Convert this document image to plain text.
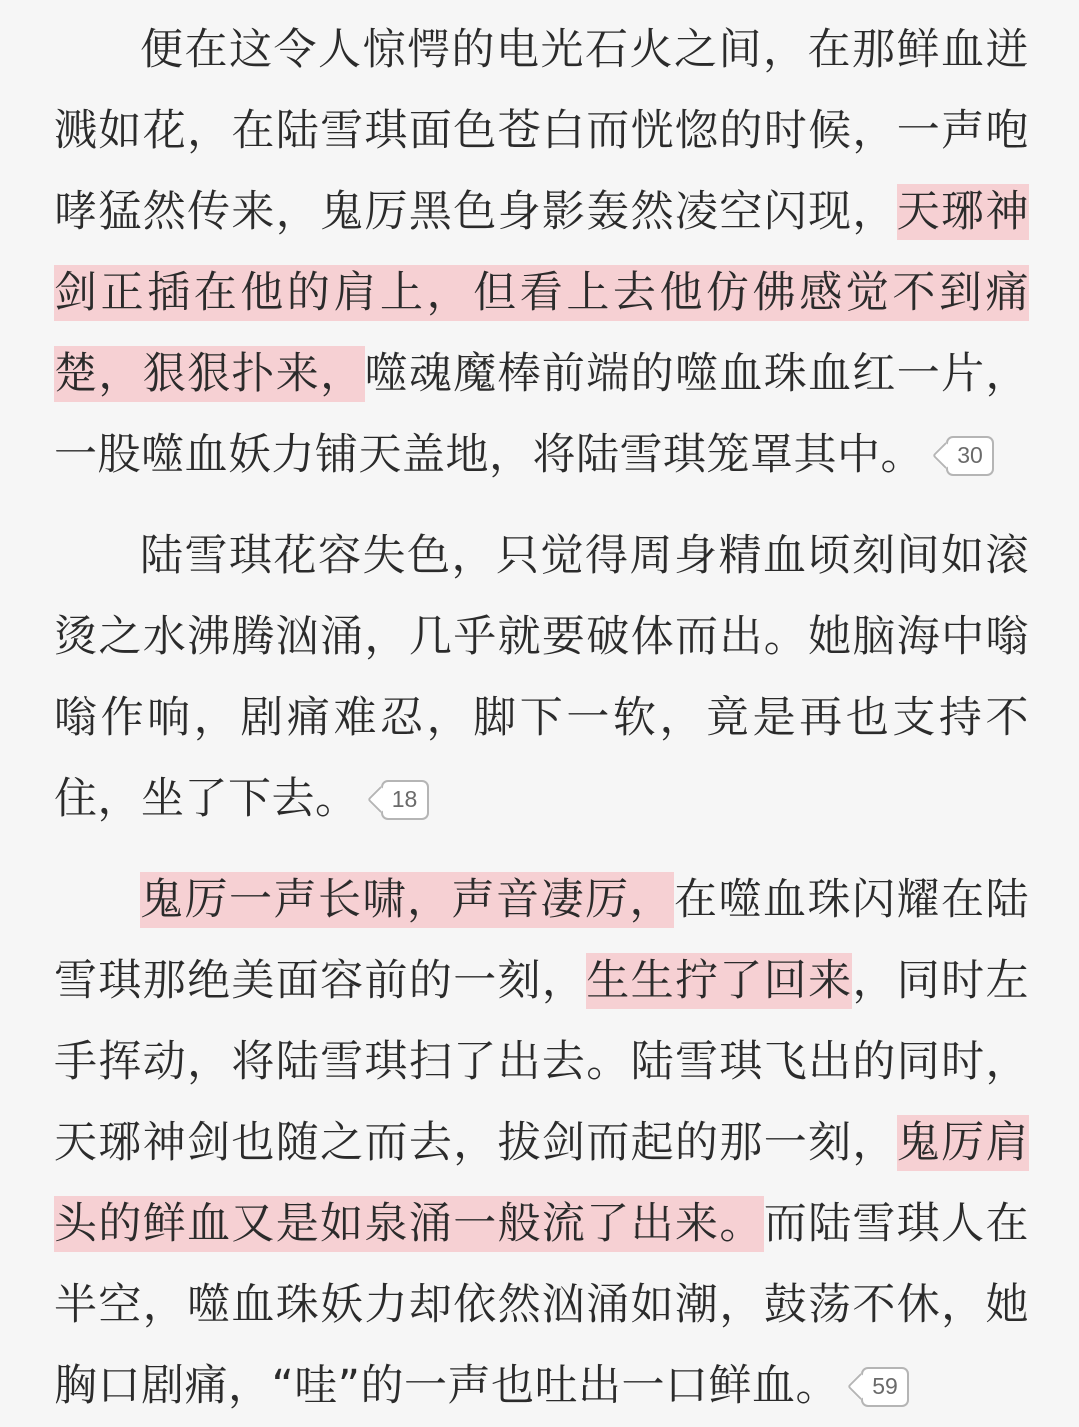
便在这令人惊愕的电光石火之间，在那鲜血迸溅如花，在陆雪琪面色苍白而恍惚的时候，一声咆哮猛然传来，鬼厉黑色身影轰然凌空闪现，天琊神剑正插在他的肩上，但看上去他仿佛感觉不到痛楚，狠狠扑来，噬魂魔棒前端的噬血珠血红一片，一股噬血妖力铺天盖地，将陆雪琪笼罩其中。 30

陆雪琪花容失色，只觉得周身精血顷刻间如滚烫之水沸腾汹涌，几乎就要破体而出。她脑海中嗡嗡作响，剧痛难忍，脚下一软，竟是再也支持不住，坐了下去。 18

鬼厉一声长啸，声音凄厉，在噬血珠闪耀在陆雪琪那绝美面容前的一刻，生生拧了回来，同时左手挥动，将陆雪琪扫了出去。陆雪琪飞出的同时，天琊神剑也随之而去，拔剑而起的那一刻，鬼厉肩头的鲜血又是如泉涌一般流了出来。而陆雪琪人在半空，噬血珠妖力却依然汹涌如潮，鼓荡不休，她胸口剧痛，“哇”的一声也吐出一口鲜血。 59
